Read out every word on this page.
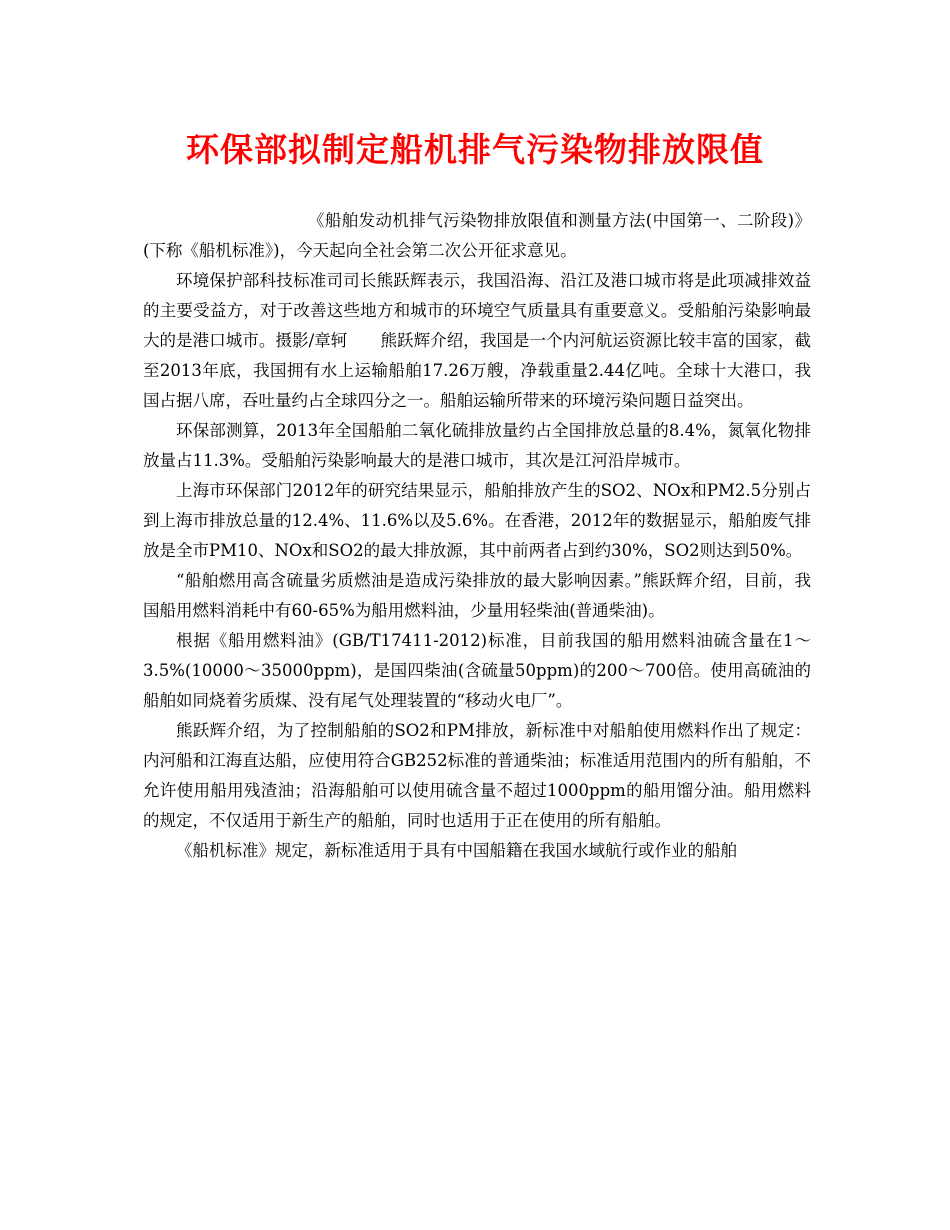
环保部拟制定船机排气污染物排放限值

《船舶发动机排气污染物排放限值和测量方法(中国第一、二阶段)》(下称《船机标准》)，今天起向全社会第二次公开征求意见。

环境保护部科技标准司司长熊跃辉表示，我国沿海、沿江及港口城市将是此项减排效益的主要受益方，对于改善这些地方和城市的环境空气质量具有重要意义。受船舶污染影响最大的是港口城市。摄影/章轲　　熊跃辉介绍，我国是一个内河航运资源比较丰富的国家，截至2013年底，我国拥有水上运输船舶17.26万艘，净载重量2.44亿吨。全球十大港口，我国占据八席，吞吐量约占全球四分之一。船舶运输所带来的环境污染问题日益突出。

环保部测算，2013年全国船舶二氧化硫排放量约占全国排放总量的8.4%，氮氧化物排放量占11.3%。受船舶污染影响最大的是港口城市，其次是江河沿岸城市。

上海市环保部门2012年的研究结果显示，船舶排放产生的SO2、NOx和PM2.5分别占到上海市排放总量的12.4%、11.6%以及5.6%。在香港，2012年的数据显示，船舶废气排放是全市PM10、NOx和SO2的最大排放源，其中前两者占到约30%，SO2则达到50%。

“船舶燃用高含硫量劣质燃油是造成污染排放的最大影响因素。”熊跃辉介绍，目前，我国船用燃料消耗中有60-65%为船用燃料油，少量用轻柴油(普通柴油)。

根据《船用燃料油》(GB/T17411-2012)标准，目前我国的船用燃料油硫含量在1～3.5%(10000～35000ppm)，是国四柴油(含硫量50ppm)的200～700倍。使用高硫油的船舶如同烧着劣质煤、没有尾气处理装置的“移动火电厂”。

熊跃辉介绍，为了控制船舶的SO2和PM排放，新标准中对船舶使用燃料作出了规定：内河船和江海直达船，应使用符合GB252标准的普通柴油；标准适用范围内的所有船舶，不允许使用船用残渣油；沿海船舶可以使用硫含量不超过1000ppm的船用馏分油。船用燃料的规定，不仅适用于新生产的船舶，同时也适用于正在使用的所有船舶。

《船机标准》规定，新标准适用于具有中国船籍在我国水域航行或作业的船舶
